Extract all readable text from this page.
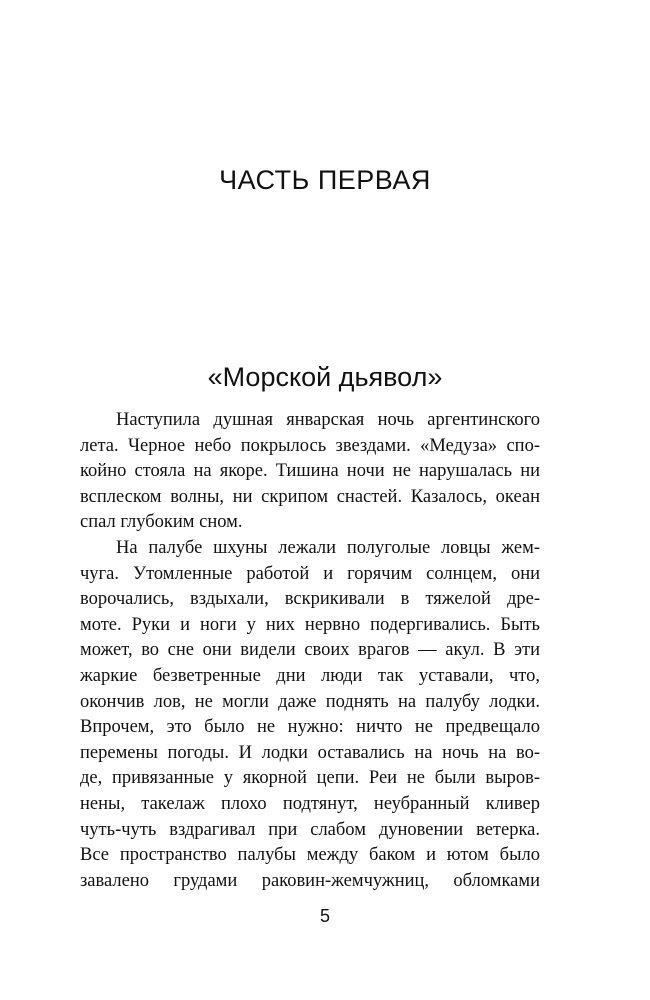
ЧАСТЬ ПЕРВАЯ
«Морской дьявол»
Наступила душная январская ночь аргентинского
лета. Черное небо покрылось звездами. «Медуза» спо-
койно стояла на якоре. Тишина ночи не нарушалась ни
всплеском волны, ни скрипом снастей. Казалось, океан
спал глубоким сном.
На палубе шхуны лежали полуголые ловцы жем-
чуга. Утомленные работой и горячим солнцем, они
ворочались, вздыхали, вскрикивали в тяжелой дре-
моте. Руки и ноги у них нервно подергивались. Быть
может, во сне они видели своих врагов — акул. В эти
жаркие безветренные дни люди так уставали, что,
окончив лов, не могли даже поднять на палубу лодки.
Впрочем, это было не нужно: ничто не предвещало
перемены погоды. И лодки оставались на ночь на во-
де, привязанные у якорной цепи. Реи не были выров-
нены, такелаж плохо подтянут, неубранный кливер
чуть-чуть вздрагивал при слабом дуновении ветерка.
Все пространство палубы между баком и ютом было
завалено грудами раковин-жемчужниц, обломками
5
